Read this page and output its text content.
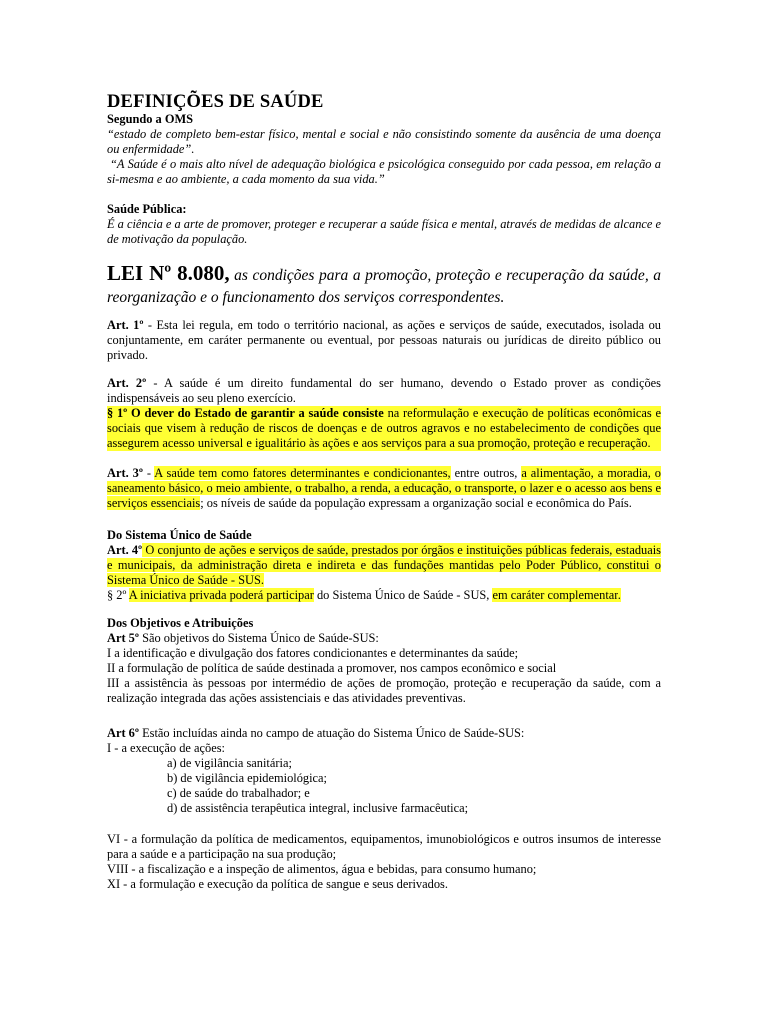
DEFINIÇÕES DE SAÚDE
Segundo a OMS
“estado de completo bem-estar físico, mental e social e não consistindo somente da ausência de uma doença ou enfermidade”.
“A Saúde é o mais alto nível de adequação biológica e psicológica conseguido por cada pessoa, em relação a si-mesma e ao ambiente, a cada momento da sua vida.”
Saúde Pública:
É a ciência e a arte de promover, proteger e recuperar a saúde física e mental, através de medidas de alcance e de motivação da população.
LEI Nº 8.080, as condições para a promoção, proteção e recuperação da saúde, a reorganização e o funcionamento dos serviços correspondentes.
Art. 1º - Esta lei regula, em todo o território nacional, as ações e serviços de saúde, executados, isolada ou conjuntamente, em caráter permanente ou eventual, por pessoas naturais ou jurídicas de direito público ou privado.
Art. 2º - A saúde é um direito fundamental do ser humano, devendo o Estado prover as condições indispensáveis ao seu pleno exercício.
§ 1º O dever do Estado de garantir a saúde consiste na reformulação e execução de políticas econômicas e sociais que visem à redução de riscos de doenças e de outros agravos e no estabelecimento de condições que assegurem acesso universal e igualitário às ações e aos serviços para a sua promoção, proteção e recuperação.
Art. 3º - A saúde tem como fatores determinantes e condicionantes, entre outros, a alimentação, a moradia, o saneamento básico, o meio ambiente, o trabalho, a renda, a educação, o transporte, o lazer e o acesso aos bens e serviços essenciais; os níveis de saúde da população expressam a organização social e econômica do País.
Do Sistema Único de Saúde
Art. 4º O conjunto de ações e serviços de saúde, prestados por órgãos e instituições públicas federais, estaduais e municipais, da administração direta e indireta e das fundações mantidas pelo Poder Público, constitui o Sistema Único de Saúde - SUS.
§ 2º A iniciativa privada poderá participar do Sistema Único de Saúde - SUS, em caráter complementar.
Dos Objetivos e Atribuições
Art 5º São objetivos do Sistema Único de Saúde-SUS:
I a identificação e divulgação dos fatores condicionantes e determinantes da saúde;
II a formulação de política de saúde destinada a promover, nos campos econômico e social
III a assistência às pessoas por intermédio de ações de promoção, proteção e recuperação da saúde, com a realização integrada das ações assistenciais e das atividades preventivas.
Art 6º Estão incluídas ainda no campo de atuação do Sistema Único de Saúde-SUS:
I - a execução de ações:
a) de vigilância sanitária;
b) de vigilância epidemiológica;
c) de saúde do trabalhador; e
d) de assistência terapêutica integral, inclusive farmacêutica;
VI - a formulação da política de medicamentos, equipamentos, imunobiológicos e outros insumos de interesse para a saúde e a participação na sua produção;
VIII - a fiscalização e a inspeção de alimentos, água e bebidas, para consumo humano;
XI - a formulação e execução da política de sangue e seus derivados.
